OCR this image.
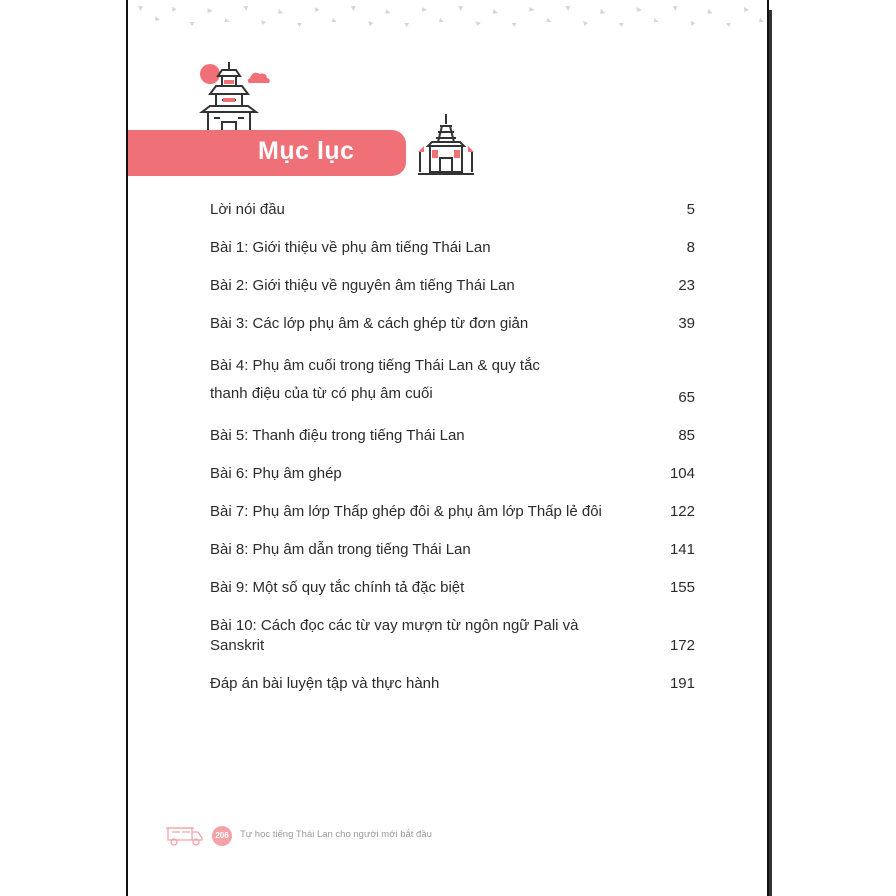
Mục lục
Lời nói đầu	5
Bài 1: Giới thiệu về phụ âm tiếng Thái Lan	8
Bài 2: Giới thiệu về nguyên âm tiếng Thái Lan	23
Bài 3: Các lớp phụ âm & cách ghép từ đơn giản	39
Bài 4: Phụ âm cuối trong tiếng Thái Lan & quy tắc
thanh điệu của từ có phụ âm cuối	65
Bài 5: Thanh điệu trong tiếng Thái Lan	85
Bài 6: Phụ âm ghép	104
Bài 7: Phụ âm lớp Thấp ghép đôi & phụ âm lớp Thấp lẻ đôi	122
Bài 8: Phụ âm dẫn trong tiếng Thái Lan	141
Bài 9: Một số quy tắc chính tả đặc biệt	155
Bài 10: Cách đọc các từ vay mượn từ ngôn ngữ Pali và Sanskrit	172
Đáp án bài luyện tập và thực hành	191
206	Tự học tiếng Thái Lan cho người mới bắt đầu
